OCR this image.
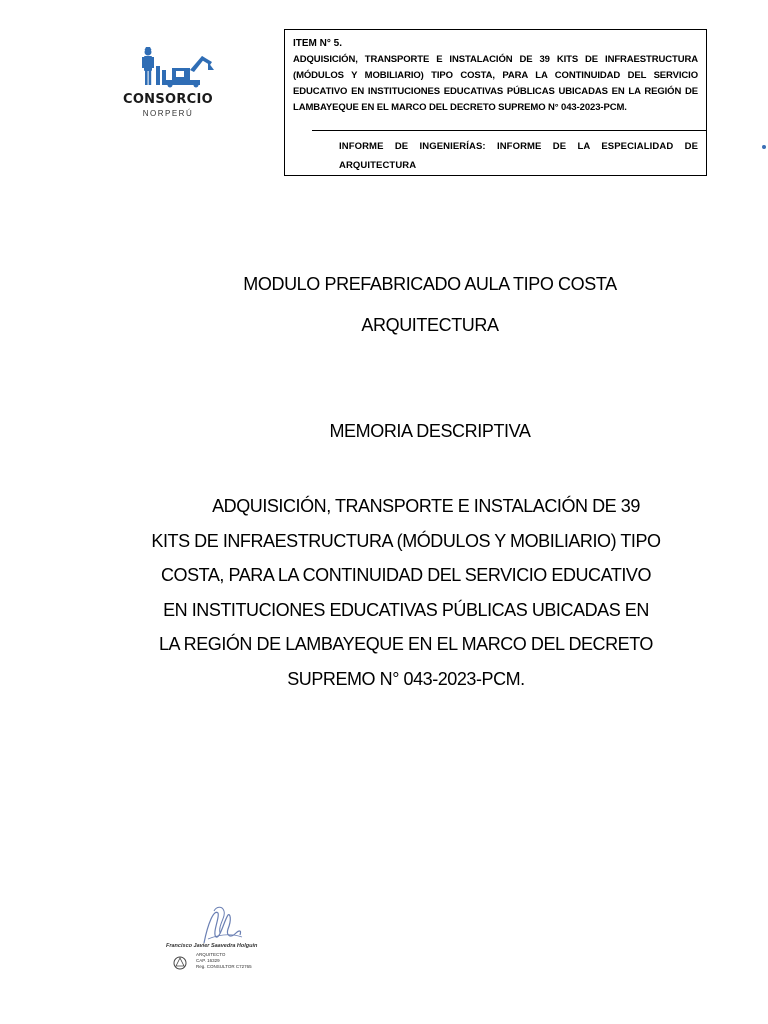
CONSORCIO
NORPERÚ
ITEM N° 5.
ADQUISICIÓN, TRANSPORTE E INSTALACIÓN DE 39 KITS DE INFRAESTRUCTURA (MÓDULOS Y MOBILIARIO) TIPO COSTA, PARA LA CONTINUIDAD DEL SERVICIO EDUCATIVO EN INSTITUCIONES EDUCATIVAS PÚBLICAS UBICADAS EN LA REGIÓN DE LAMBAYEQUE EN EL MARCO DEL DECRETO SUPREMO N° 043-2023-PCM.
INFORME DE INGENIERÍAS: INFORME DE LA ESPECIALIDAD DE ARQUITECTURA
MODULO PREFABRICADO AULA TIPO COSTA
ARQUITECTURA
MEMORIA DESCRIPTIVA
ADQUISICIÓN, TRANSPORTE E INSTALACIÓN DE 39
KITS DE INFRAESTRUCTURA (MÓDULOS Y MOBILIARIO) TIPO
COSTA, PARA LA CONTINUIDAD DEL SERVICIO EDUCATIVO
EN INSTITUCIONES EDUCATIVAS PÚBLICAS UBICADAS EN
LA REGIÓN DE LAMBAYEQUE EN EL MARCO DEL DECRETO
SUPREMO N° 043-2023-PCM.
Francisco Javier Saavedra Holguin
ARQUITECTO
CAP. 16329
Reg. CONSULTOR C72765
